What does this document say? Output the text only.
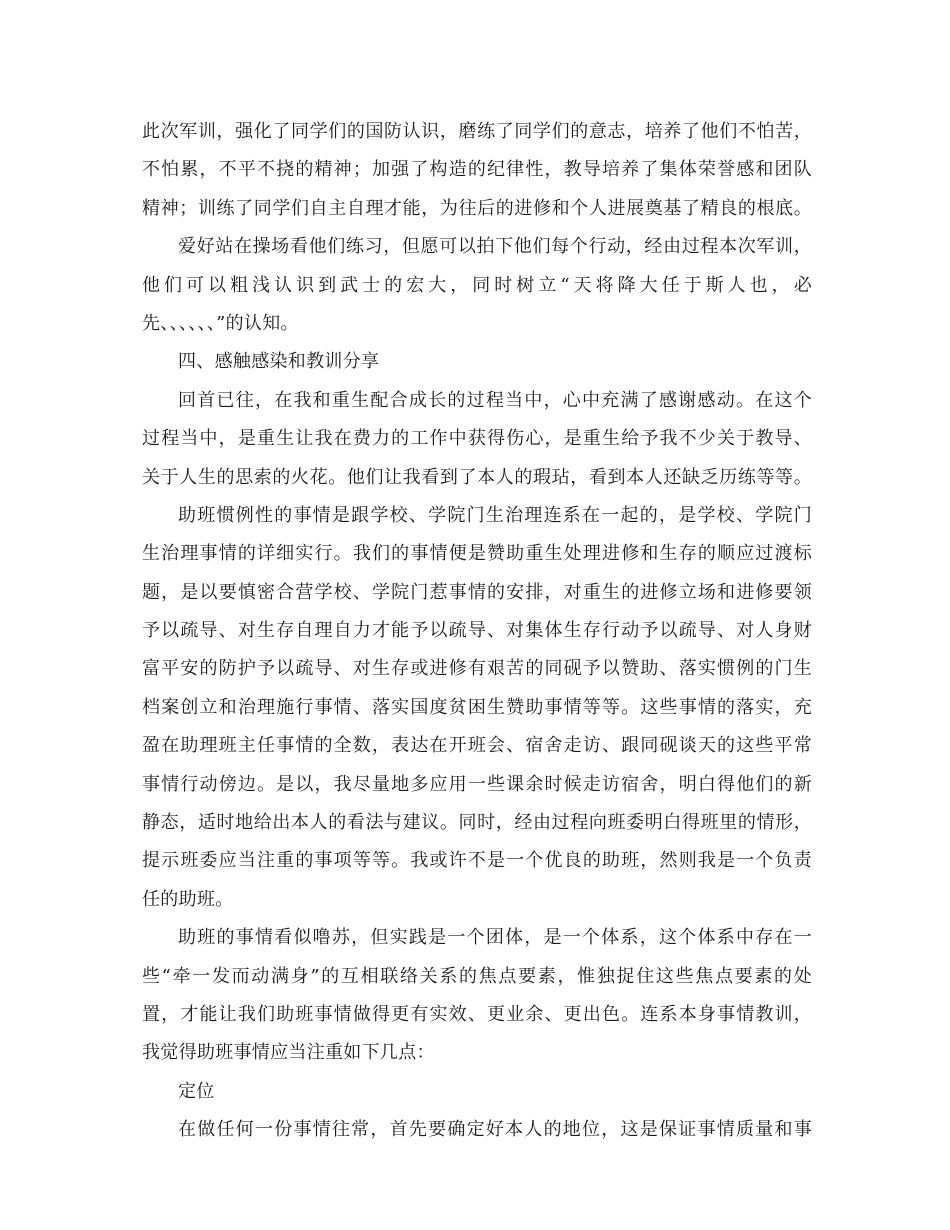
此次军训，强化了同学们的国防认识，磨练了同学们的意志，培养了他们不怕苦，
不怕累，不平不挠的精神；加强了构造的纪律性，教导培养了集体荣誉感和团队
精神；训练了同学们自主自理才能，为往后的进修和个人进展奠基了精良的根底。
爱好站在操场看他们练习，但愿可以拍下他们每个行动，经由过程本次军训，
他们可以粗浅认识到武士的宏大，同时树立“天将降大任于斯人也，必
先、、、、、、”的认知。
四、感触感染和教训分享
回首已往，在我和重生配合成长的过程当中，心中充满了感谢感动。在这个
过程当中，是重生让我在费力的工作中获得伤心，是重生给予我不少关于教导、
关于人生的思索的火花。他们让我看到了本人的瑕玷，看到本人还缺乏历练等等。
助班惯例性的事情是跟学校、学院门生治理连系在一起的，是学校、学院门
生治理事情的详细实行。我们的事情便是赞助重生处理进修和生存的顺应过渡标
题，是以要慎密合营学校、学院门惹事情的安排，对重生的进修立场和进修要领
予以疏导、对生存自理自力才能予以疏导、对集体生存行动予以疏导、对人身财
富平安的防护予以疏导、对生存或进修有艰苦的同砚予以赞助、落实惯例的门生
档案创立和治理施行事情、落实国度贫困生赞助事情等等。这些事情的落实，充
盈在助理班主任事情的全数，表达在开班会、宿舍走访、跟同砚谈天的这些平常
事情行动傍边。是以，我尽量地多应用一些课余时候走访宿舍，明白得他们的新
静态，适时地给出本人的看法与建议。同时，经由过程向班委明白得班里的情形，
提示班委应当注重的事项等等。我或许不是一个优良的助班，然则我是一个负责
任的助班。
助班的事情看似噜苏，但实践是一个团体，是一个体系，这个体系中存在一
些“牵一发而动满身”的互相联络关系的焦点要素，惟独捉住这些焦点要素的处
置，才能让我们助班事情做得更有实效、更业余、更出色。连系本身事情教训，
我觉得助班事情应当注重如下几点：
定位
在做任何一份事情往常，首先要确定好本人的地位，这是保证事情质量和事
